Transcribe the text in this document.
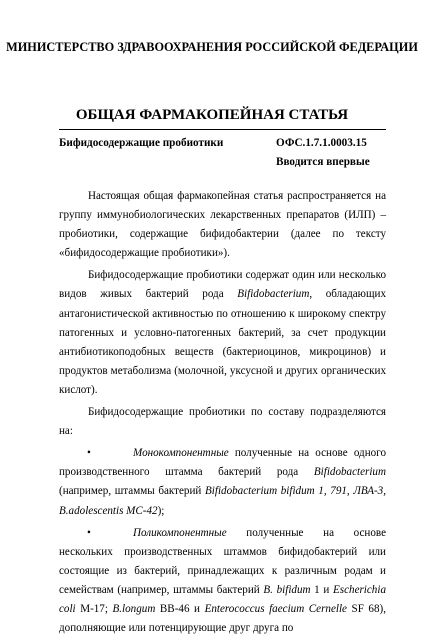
МИНИСТЕРСТВО ЗДРАВООХРАНЕНИЯ РОССИЙСКОЙ ФЕДЕРАЦИИ
ОБЩАЯ ФАРМАКОПЕЙНАЯ СТАТЬЯ
Бифидосодержащие пробиотики	ОФС.1.7.1.0003.15
Вводится впервые

Настоящая общая фармакопейная статья распространяется на группу иммунобиологических лекарственных препаратов (ИЛП) – пробиотики, содержащие бифидобактерии (далее по тексту «бифидосодержащие пробиотики»).

Бифидосодержащие пробиотики содержат один или несколько видов живых бактерий рода Bifidobacterium, обладающих антагонистической активностью по отношению к широкому спектру патогенных и условно-патогенных бактерий, за счет продукции антибиотикоподобных веществ (бактериоцинов, микроцинов) и продуктов метаболизма (молочной, уксусной и других органических кислот).

Бифидосодержащие пробиотики по составу подразделяются на:

•	Монокомпонентные полученные на основе одного производственного штамма бактерий рода Bifidobacterium (например, штаммы бактерий Bifidobacterium bifidum 1, 791, ЛВА-3, B.adolescentis MC-42);

•	Поликомпонентные полученные на основе нескольких производственных штаммов бифидобактерий или состоящие из бактерий, принадлежащих к различным родам и семействам (например, штаммы бактерий B. bifidum 1 и Escherichia coli М-17; B.longum ВВ-46 и Enterococcus faecium Cernelle SF 68), дополняющие или потенцирующие друг друга по
